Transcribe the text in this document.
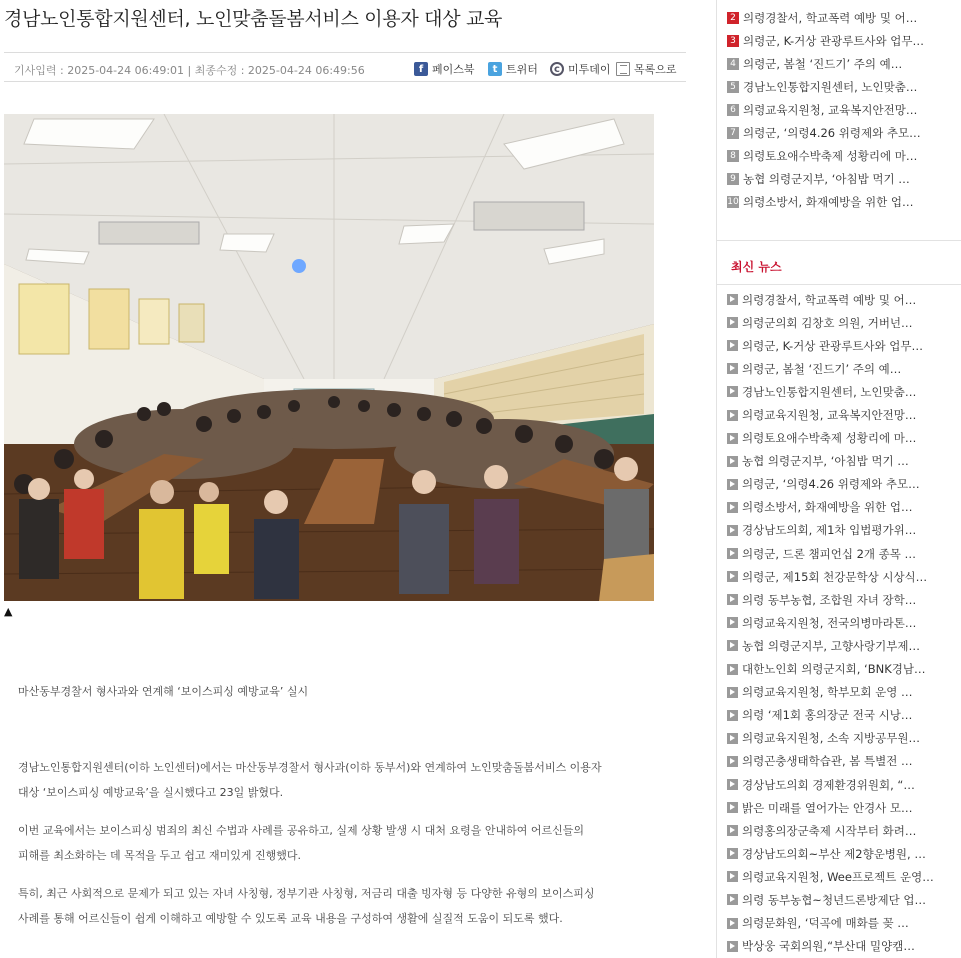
경남노인통합지원센터, 노인맞춤돌봄서비스 이용자 대상 교육
기사입력 : 2025-04-24 06:49:01 | 최종수정 : 2025-04-24 06:49:56	f 페이스북	t 트위터	c 미투데이 목록으로
▲

마산동부경찰서 형사과와 연계해 ‘보이스피싱 예방교육’ 실시

경남노인통합지원센터(이하 노인센터)에서는 마산동부경찰서 형사과(이하 동부서)와 연계하여 노인맞춤돌봄서비스 이용자 대상 ‘보이스피싱 예방교육’을 실시했다고 23일 밝혔다.

이번 교육에서는 보이스피싱 범죄의 최신 수법과 사례를 공유하고, 실제 상황 발생 시 대처 요령을 안내하여 어르신들의 피해를 최소화하는 데 목적을 두고 쉽고 재미있게 진행했다.

특히, 최근 사회적으로 문제가 되고 있는 자녀 사칭형, 정부기관 사칭형, 저금리 대출 빙자형 등 다양한 유형의 보이스피싱 사례를 통해 어르신들이 쉽게 이해하고 예방할 수 있도록 교육 내용을 구성하여 생활에 실질적 도움이 되도록 했다.

2 의령경찰서, 학교폭력 예방 및 어…
3 의령군, K-거상 관광루트사와 업무…
4 의령군, 봄철 ‘진드기’ 주의 예…
5 경남노인통합지원센터, 노인맞춤…
6 의령교육지원청, 교육복지안전망…
7 의령군, ‘의령4.26 위령제와 추모…
8 의령토요애수박축제 성황리에 마…
9 농협 의령군지부, ‘아침밥 먹기 …
10 의령소방서, 화재예방을 위한 업…
최신 뉴스
의령경찰서, 학교폭력 예방 및 어…
의령군의회 김창호 의원, 거버넌…
의령군, K-거상 관광루트사와 업무…
의령군, 봄철 ‘진드기’ 주의 예…
경남노인통합지원센터, 노인맞춤…
의령교육지원청, 교육복지안전망…
의령토요애수박축제 성황리에 마…
농협 의령군지부, ‘아침밥 먹기 …
의령군, ‘의령4.26 위령제와 추모…
의령소방서, 화재예방을 위한 업…
경상남도의회, 제1차 입법평가위…
의령군, 드론 챔피언십 2개 종목 …
의령군, 제15회 천강문학상 시상식…
의령 동부농협, 조합원 자녀 장학…
의령교육지원청, 전국의병마라톤…
농협 의령군지부, 고향사랑기부제…
대한노인회 의령군지회, ‘BNK경남…
의령교육지원청, 학부모회 운영 …
의령 ‘제1회 홍의장군 전국 시낭…
의령교육지원청, 소속 지방공무원…
의령곤충생태학습관, 봄 특별전 …
경상남도의회 경제환경위원회, “…
밝은 미래를 열어가는 안경사 모…
의령홍의장군축제 시작부터 화려…
경상남도의회~부산 제2향운병원, …
의령교육지원청, Wee프로젝트 운영…
의령 동부농협~청년드론방제단 업…
의령문화원, ‘덕곡에 매화를 꽂 …
박상웅 국회의원,“부산대 밀양캠…
